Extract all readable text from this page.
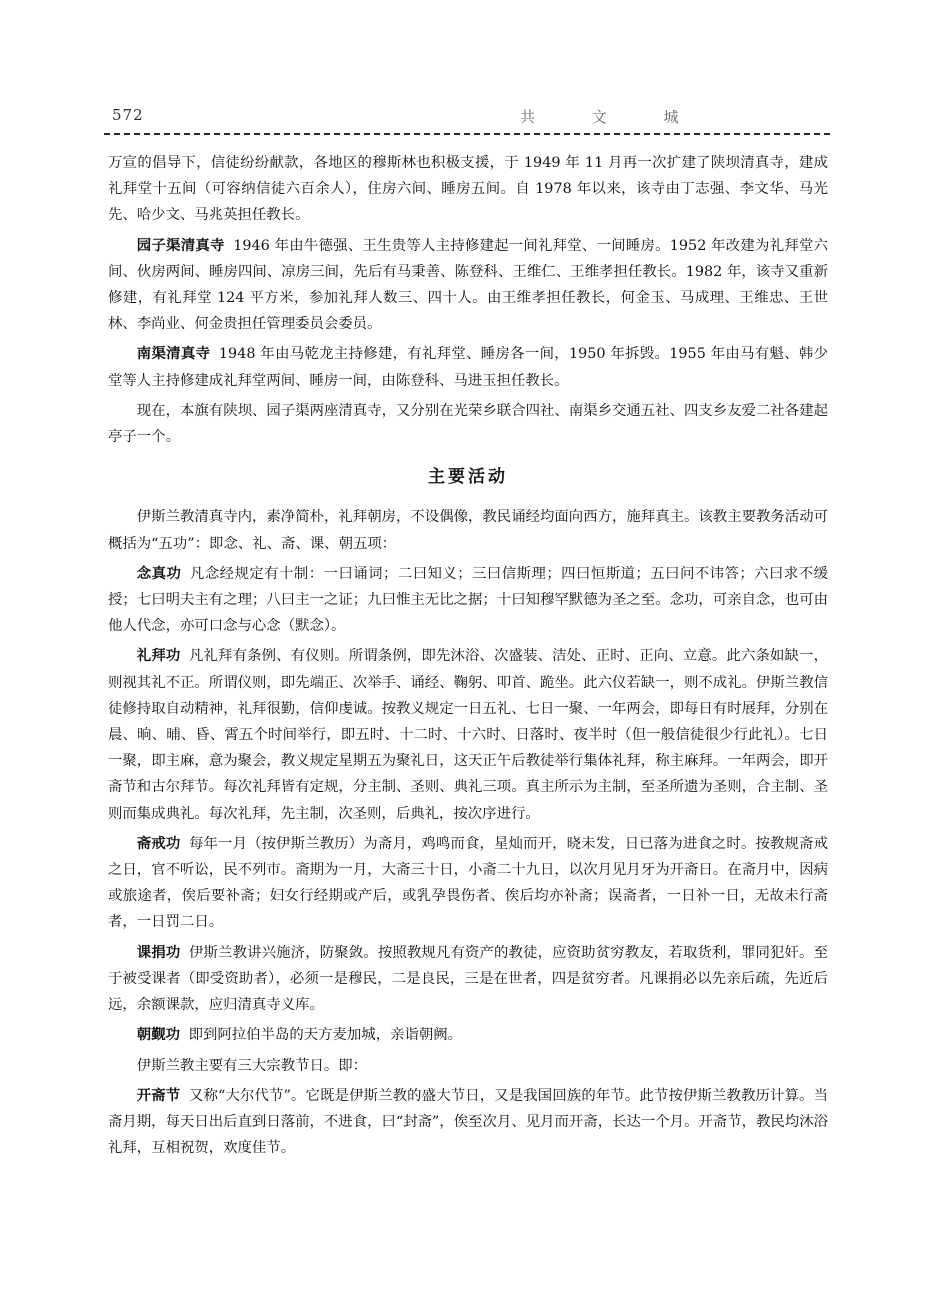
572	共 文 城

万宣的倡导下，信徒纷纷献款，各地区的穆斯林也积极支援，于 1949 年 11 月再一次扩建了陕坝清真寺，建成礼拜堂十五间（可容纳信徒六百余人），住房六间、睡房五间。自 1978 年以来，该寺由丁志强、李文华、马光先、哈少文、马兆英担任教长。

园子渠清真寺 1946 年由牛德强、王生贵等人主持修建起一间礼拜堂、一间睡房。1952 年改建为礼拜堂六间、伙房两间、睡房四间、凉房三间，先后有马秉善、陈登科、王维仁、王维孝担任教长。1982 年，该寺又重新修建，有礼拜堂 124 平方米，参加礼拜人数三、四十人。由王维孝担任教长，何金玉、马成理、王维忠、王世林、李尚业、何金贵担任管理委员会委员。

南渠清真寺 1948 年由马乾龙主持修建，有礼拜堂、睡房各一间，1950 年拆毁。1955 年由马有魁、韩少堂等人主持修建成礼拜堂两间、睡房一间，由陈登科、马进玉担任教长。

现在，本旗有陕坝、园子渠两座清真寺，又分别在光荣乡联合四社、南渠乡交通五社、四支乡友爱二社各建起亭子一个。

主要活动

伊斯兰教清真寺内，素净简朴，礼拜朝房，不设偶像，教民诵经均面向西方，施拜真主。该教主要教务活动可概括为“五功”：即念、礼、斋、课、朝五项：

念真功 凡念经规定有十制：一曰诵词；二曰知义；三曰信斯理；四曰恒斯道；五曰问不讳答；六曰求不缓授；七曰明夫主有之理；八曰主一之证；九曰惟主无比之据；十曰知穆罕默德为圣之至。念功，可亲自念，也可由他人代念，亦可口念与心念（默念）。

礼拜功 凡礼拜有条例、有仪则。所谓条例，即先沐浴、次盛装、洁处、正时、正向、立意。此六条如缺一，则视其礼不正。所谓仪则，即先端正、次举手、诵经、鞠躬、叩首、跪坐。此六仪若缺一，则不成礼。伊斯兰教信徒修持取自动精神，礼拜很勤，信仰虔诚。按教义规定一日五礼、七日一聚、一年两会，即每日有时展拜，分别在晨、晌、晡、昏、霄五个时间举行，即五时、十二时、十六时、日落时、夜半时（但一般信徒很少行此礼）。七日一聚，即主麻，意为聚会，教义规定星期五为聚礼日，这天正午后教徒举行集体礼拜，称主麻拜。一年两会，即开斋节和古尔拜节。每次礼拜皆有定规，分主制、圣则、典礼三项。真主所示为主制，至圣所遗为圣则，合主制、圣则而集成典礼。每次礼拜，先主制，次圣则，后典礼，按次序进行。

斋戒功 每年一月（按伊斯兰教历）为斋月，鸡鸣而食，星灿而开，晓未发，日已落为进食之时。按教规斋戒之日，官不听讼，民不列市。斋期为一月，大斋三十日，小斋二十九日，以次月见月牙为开斋日。在斋月中，因病或旅途者，俟后要补斋；妇女行经期或产后，或乳孕畏伤者、俟后均亦补斋；误斋者，一日补一日，无故未行斋者，一日罚二日。

课捐功 伊斯兰教讲兴施济，防聚敛。按照教规凡有资产的教徒，应资助贫穷教友，若取货利，罪同犯奸。至于被受课者（即受资助者），必须一是穆民，二是良民，三是在世者，四是贫穷者。凡课捐必以先亲后疏，先近后远，余额课款，应归清真寺义库。

朝觐功 即到阿拉伯半岛的天方麦加城，亲诣朝阙。

伊斯兰教主要有三大宗教节日。即：

开斋节 又称“大尔代节”。它既是伊斯兰教的盛大节日，又是我国回族的年节。此节按伊斯兰教教历计算。当斋月期，每天日出后直到日落前，不进食，曰“封斋”，俟至次月、见月而开斋，长达一个月。开斋节，教民均沐浴礼拜，互相祝贺，欢度佳节。
